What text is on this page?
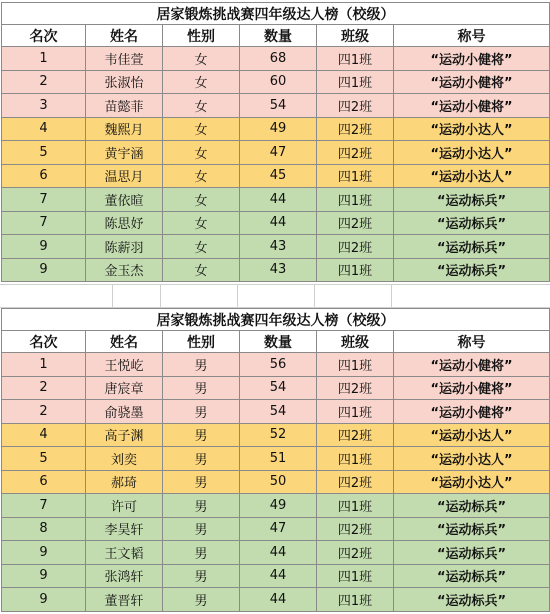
居家锻炼挑战赛四年级达人榜（校级）					
名次	姓名	性别	数量	班级	称号
1	韦佳萱	女	68	四1班	“运动小健将”
2	张淑怡	女	60	四1班	“运动小健将”
3	苗懿菲	女	54	四2班	“运动小健将”
4	魏熙月	女	49	四2班	“运动小达人”
5	黄宇涵	女	47	四2班	“运动小达人”
6	温思月	女	45	四1班	“运动小达人”
7	董依暄	女	44	四1班	“运动标兵”
7	陈思妤	女	44	四2班	“运动标兵”
9	陈薪羽	女	43	四2班	“运动标兵”
9	金玉杰	女	43	四1班	“运动标兵”
居家锻炼挑战赛四年级达人榜（校级）					
名次	姓名	性别	数量	班级	称号
1	王悦屹	男	56	四1班	“运动小健将”
2	唐宸章	男	54	四2班	“运动小健将”
2	俞骁墨	男	54	四1班	“运动小健将”
4	高子渊	男	52	四2班	“运动小达人”
5	刘奕	男	51	四1班	“运动小达人”
6	郝琦	男	50	四2班	“运动小达人”
7	许可	男	49	四1班	“运动标兵”
8	李昊轩	男	47	四2班	“运动标兵”
9	王文韬	男	44	四2班	“运动标兵”
9	张鸿轩	男	44	四1班	“运动标兵”
9	董晋轩	男	44	四1班	“运动标兵”
